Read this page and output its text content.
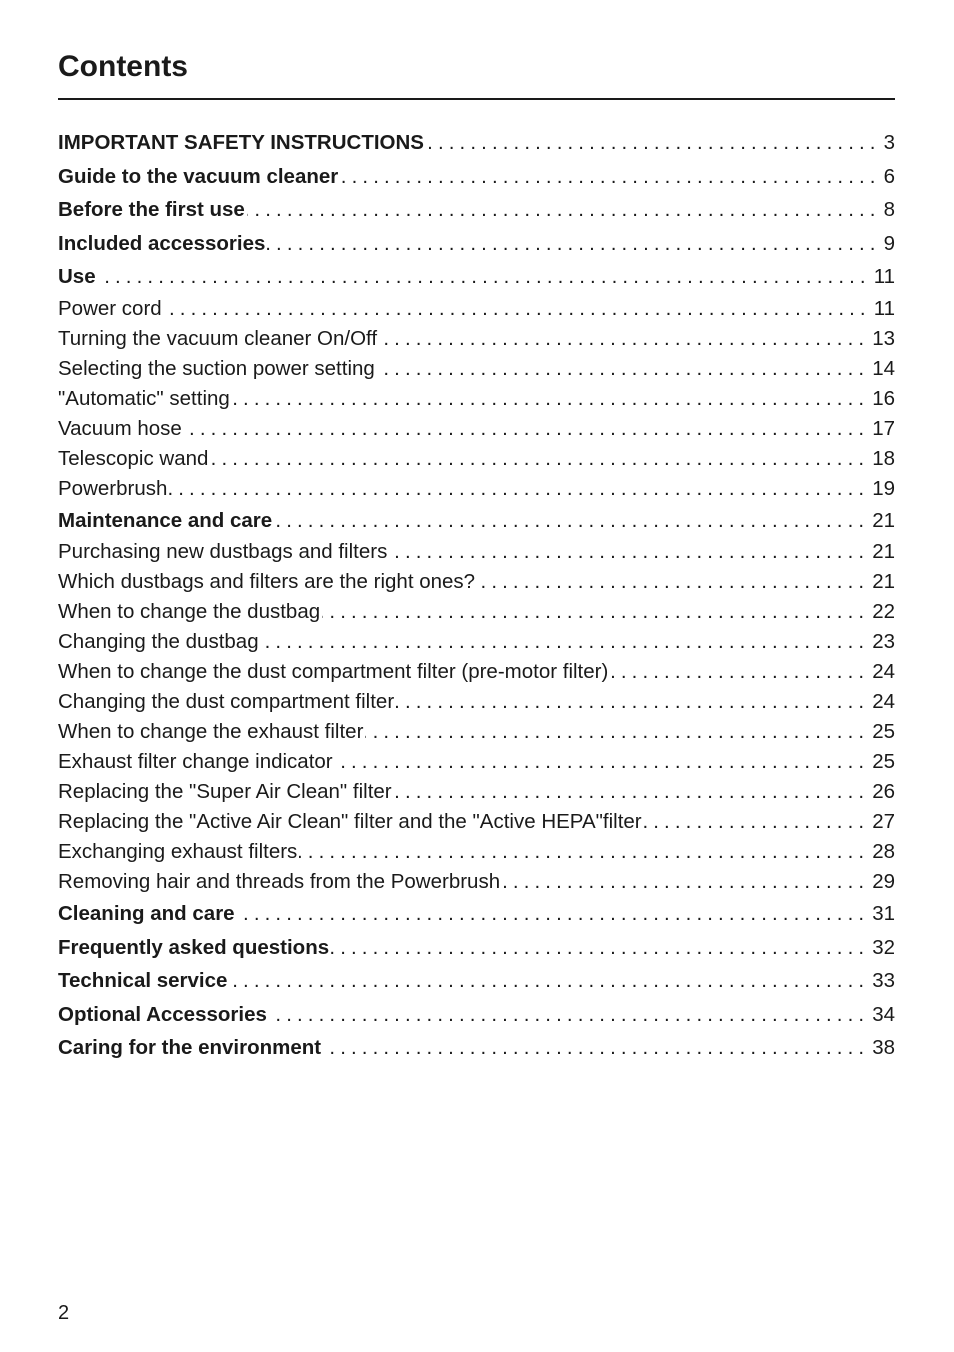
Contents
IMPORTANT SAFETY INSTRUCTIONS .....	3
Guide to the vacuum cleaner .....	6
Before the first use .....	8
Included accessories .....	9
Use .....	11
Power cord .....	11
Turning the vacuum cleaner On/Off .....	13
Selecting the suction power setting .....	14
"Automatic" setting .....	16
Vacuum hose .....	17
Telescopic wand .....	18
Powerbrush .....	19
Maintenance and care .....	21
Purchasing new dustbags and filters .....	21
Which dustbags and filters are the right ones? .....	21
When to change the dustbag .....	22
Changing the dustbag .....	23
When to change the dust compartment filter (pre-motor filter) .....	24
Changing the dust compartment filter .....	24
When to change the exhaust filter .....	25
Exhaust filter change indicator .....	25
Replacing the "Super Air Clean" filter .....	26
Replacing the "Active Air Clean" filter and the "Active HEPA"filter .....	27
Exchanging exhaust filters .....	28
Removing hair and threads from the Powerbrush .....	29
Cleaning and care .....	31
Frequently asked questions .....	32
Technical service .....	33
Optional Accessories .....	34
Caring for the environment .....	38
2
